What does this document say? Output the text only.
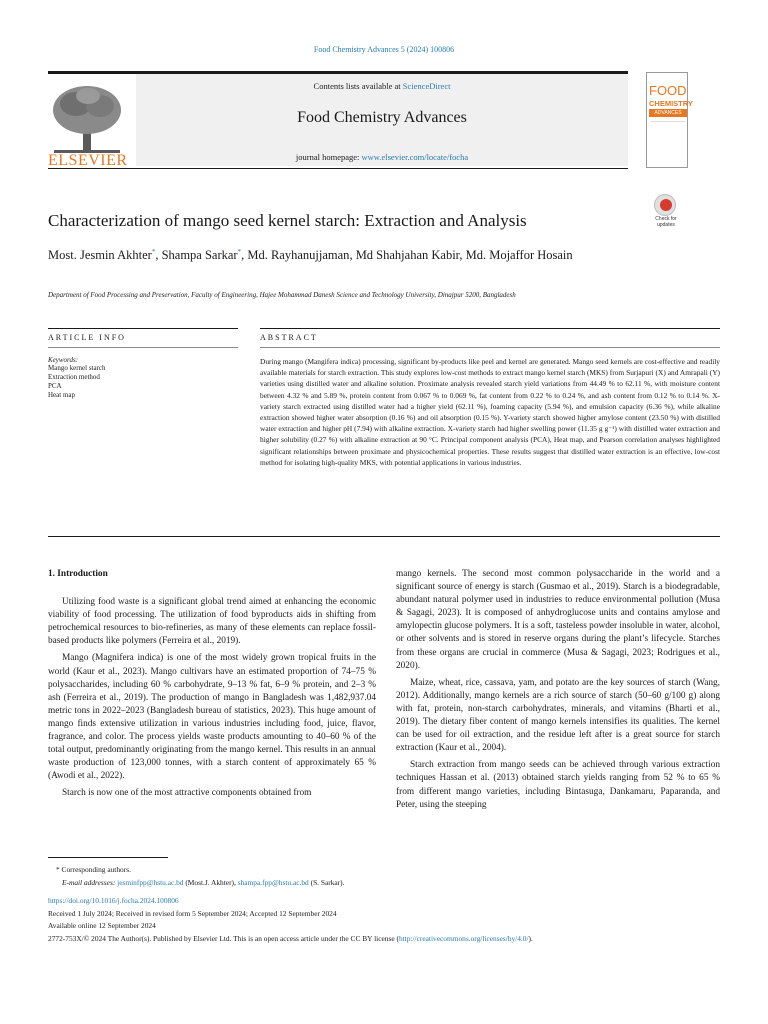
Food Chemistry Advances 5 (2024) 100806
ELSEVIER
Contents lists available at ScienceDirect
Food Chemistry Advances
journal homepage: www.elsevier.com/locate/focha
FOOD
CHEMISTRY
ADVANCES
Characterization of mango seed kernel starch: Extraction and Analysis	Check for updates
Most. Jesmin Akhter*, Shampa Sarkar*, Md. Rayhanujjaman, Md Shahjahan Kabir, Md. Mojaffor Hosain
Department of Food Processing and Preservation, Faculty of Engineering, Hajee Mohammad Danesh Science and Technology University, Dinajpur 5200, Bangladesh
ARTICLE INFO
Keywords:
Mango kernel starch
Extraction method
PCA
Heat map
ABSTRACT
During mango (Mangifera indica) processing, significant by-products like peel and kernel are generated. Mango seed kernels are cost-effective and readily available materials for starch extraction. This study explores low-cost methods to extract mango kernel starch (MKS) from Surjapuri (X) and Amrapali (Y) varieties using distilled water and alkaline solution. Proximate analysis revealed starch yield variations from 44.49 % to 62.11 %, with moisture content between 4.32 % and 5.89 %, protein content from 0.067 % to 0.069 %, fat content from 0.22 % to 0.24 %, and ash content from 0.12 % to 0.14 %. X-variety starch extracted using distilled water had a higher yield (62.11 %), foaming capacity (5.94 %), and emulsion capacity (6.36 %), while alkaline extraction showed higher water absorption (0.16 %) and oil absorption (0.15 %). Y-variety starch showed higher amylose content (23.50 %) with distilled water extraction and higher pH (7.94) with alkaline extraction. X-variety starch had higher swelling power (11.35 g g⁻¹) with distilled water extraction and higher solubility (0.27 %) with alkaline extraction at 90 °C. Principal component analysis (PCA), Heat map, and Pearson correlation analyses highlighted significant relationships between proximate and physicochemical properties. These results suggest that distilled water extraction is an effective, low-cost method for isolating high-quality MKS, with potential applications in various industries.
1. Introduction

Utilizing food waste is a significant global trend aimed at enhancing the economic viability of food processing. The utilization of food byproducts aids in shifting from petrochemical resources to bio-refineries, as many of these elements can replace fossil-based products like polymers (Ferreira et al., 2019).

Mango (Magnifera indica) is one of the most widely grown tropical fruits in the world (Kaur et al., 2023). Mango cultivars have an estimated proportion of 74–75 % polysaccharides, including 60 % carbohydrate, 9–13 % fat, 6–9 % protein, and 2–3 % ash (Ferreira et al., 2019). The production of mango in Bangladesh was 1,482,937.04 metric tons in 2022–2023 (Bangladesh bureau of statistics, 2023). This huge amount of mango finds extensive utilization in various industries including food, juice, flavor, fragrance, and color. The process yields waste products amounting to 40–60 % of the total output, predominantly originating from the mango kernel. This results in an annual waste production of 123,000 tonnes, with a starch content of approximately 65 % (Awodi et al., 2022).

Starch is now one of the most attractive components obtained from

mango kernels. The second most common polysaccharide in the world and a significant source of energy is starch (Gusmao et al., 2019). Starch is a biodegradable, abundant natural polymer used in industries to reduce environmental pollution (Musa & Sagagi, 2023). It is composed of anhydroglucose units and contains amylose and amylopectin glucose polymers. It is a soft, tasteless powder insoluble in water, alcohol, or other solvents and is stored in reserve organs during the plant’s lifecycle. Starches from these organs are crucial in commerce (Musa & Sagagi, 2023; Rodrigues et al., 2020).

Maize, wheat, rice, cassava, yam, and potato are the key sources of starch (Wang, 2012). Additionally, mango kernels are a rich source of starch (50–60 g/100 g) along with fat, protein, non-starch carbohydrates, minerals, and vitamins (Bharti et al., 2019). The dietary fiber content of mango kernels intensifies its qualities. The kernel can be used for oil extraction, and the residue left after is a great source for starch extraction (Kaur et al., 2004).

Starch extraction from mango seeds can be achieved through various extraction techniques Hassan et al. (2013) obtained starch yields ranging from 52 % to 65 % from different mango varieties, including Bintasuga, Dankamaru, Paparanda, and Peter, using the steeping

* Corresponding authors.
E-mail addresses: jesminfpp@hstu.ac.bd (Most.J. Akhter), shampa.fpp@hstu.ac.bd (S. Sarkar).
https://doi.org/10.1016/j.focha.2024.100806
Received 1 July 2024; Received in revised form 5 September 2024; Accepted 12 September 2024
Available online 12 September 2024
2772-753X/© 2024 The Author(s). Published by Elsevier Ltd. This is an open access article under the CC BY license (http://creativecommons.org/licenses/by/4.0/).
